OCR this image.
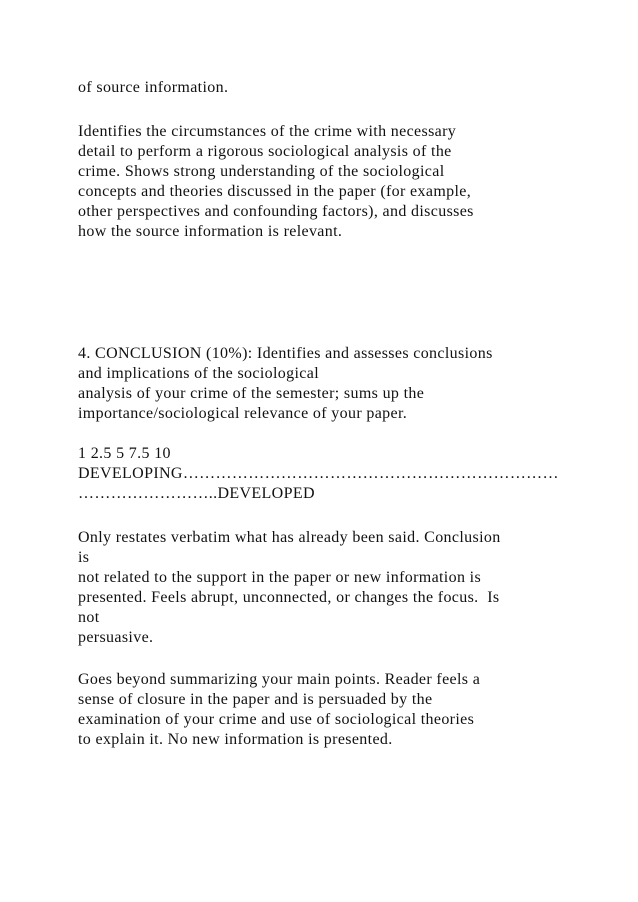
of source information.

Identifies the circumstances of the crime with necessary

detail to perform a rigorous sociological analysis of the

crime. Shows strong understanding of the sociological

concepts and theories discussed in the paper (for example,

other perspectives and confounding factors), and discusses

how the source information is relevant.

4. CONCLUSION (10%): Identifies and assesses conclusions

and implications of the sociological

analysis of your crime of the semester; sums up the

importance/sociological relevance of your paper.

1 2.5 5 7.5 10

DEVELOPING……………………………………………………………

……………………..DEVELOPED

Only restates verbatim what has already been said. Conclusion

is

not related to the support in the paper or new information is

presented. Feels abrupt, unconnected, or changes the focus.  Is

not

persuasive.

Goes beyond summarizing your main points. Reader feels a

sense of closure in the paper and is persuaded by the

examination of your crime and use of sociological theories

to explain it. No new information is presented.
